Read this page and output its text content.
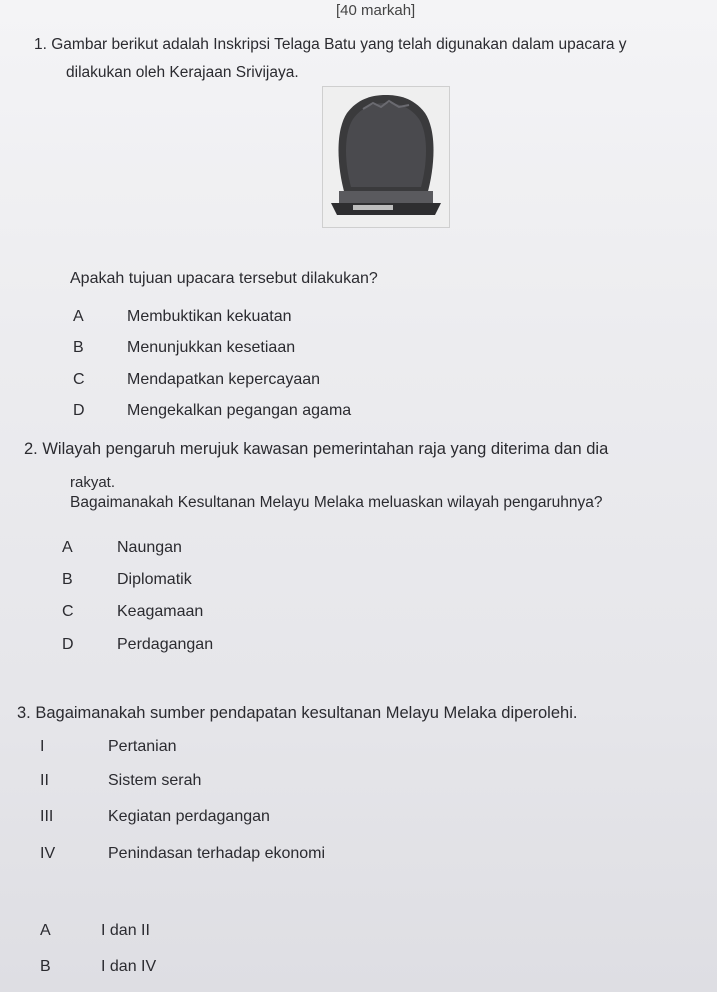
[40 markah]
1. Gambar berikut adalah Inskripsi Telaga Batu yang telah digunakan dalam upacara y
dilakukan oleh Kerajaan Srivijaya.
Apakah tujuan upacara tersebut dilakukan?
A	Membuktikan kekuatan
B	Menunjukkan kesetiaan
C	Mendapatkan kepercayaan
D	Mengekalkan pegangan agama
2. Wilayah pengaruh merujuk kawasan pemerintahan raja yang diterima dan dia
rakyat.
Bagaimanakah Kesultanan Melayu Melaka meluaskan wilayah pengaruhnya?
A	Naungan
B	Diplomatik
C	Keagamaan
D	Perdagangan
3. Bagaimanakah sumber pendapatan kesultanan Melayu Melaka diperolehi.
I	Pertanian
II	Sistem serah
III	Kegiatan perdagangan
IV	Penindasan terhadap ekonomi
A	I dan II
B	I dan IV
